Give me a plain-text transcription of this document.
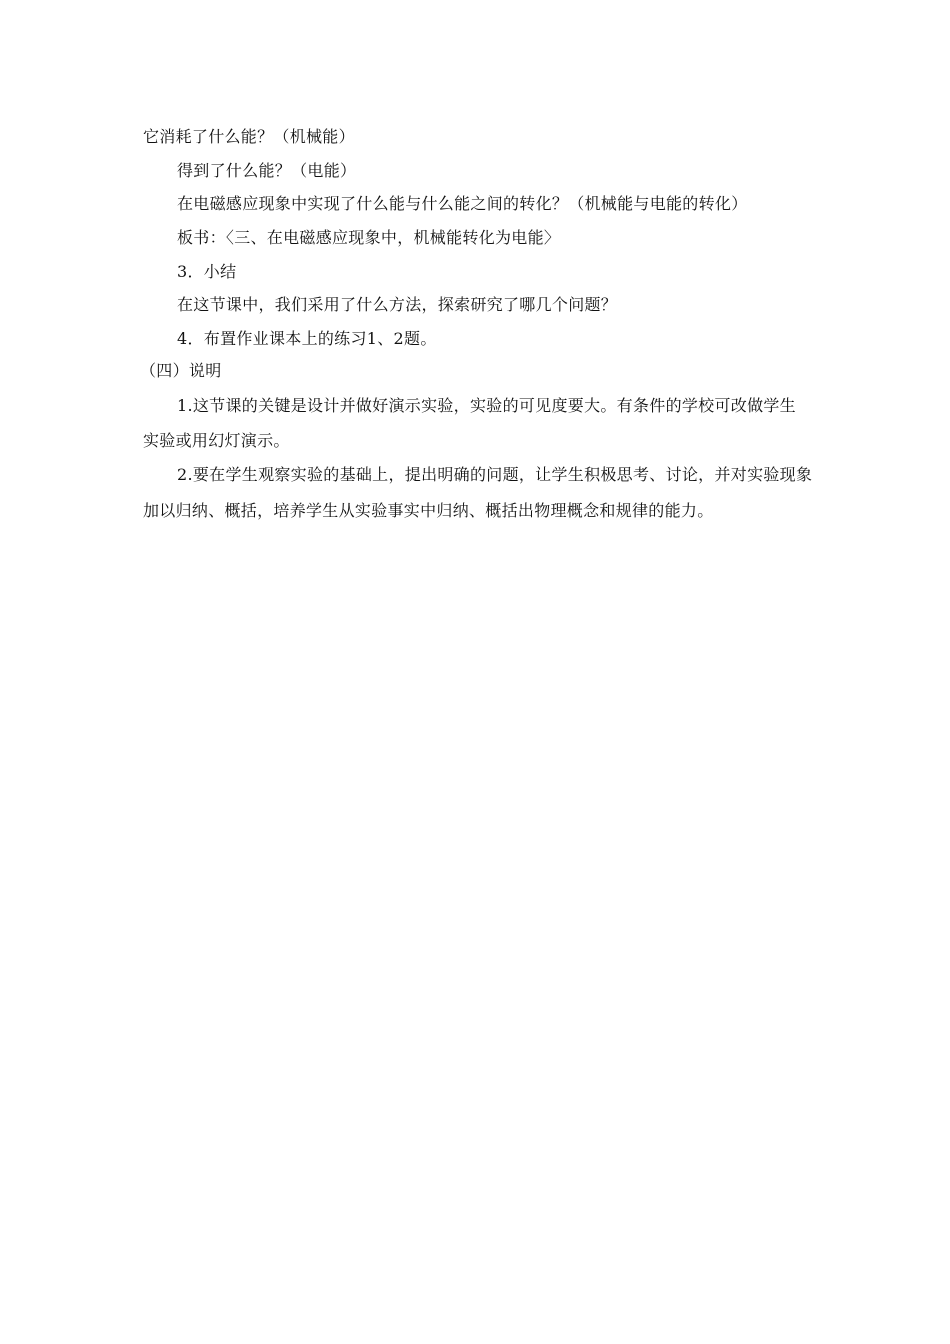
它消耗了什么能？（机械能）
得到了什么能？（电能）
在电磁感应现象中实现了什么能与什么能之间的转化？（机械能与电能的转化）
板书：〈三、在电磁感应现象中，机械能转化为电能〉
3．小结
在这节课中，我们采用了什么方法，探索研究了哪几个问题？
4．布置作业课本上的练习1、2题。
（四）说明
1.这节课的关键是设计并做好演示实验，实验的可见度要大。有条件的学校可改做学生
实验或用幻灯演示。
2.要在学生观察实验的基础上，提出明确的问题，让学生积极思考、讨论，并对实验现象
加以归纳、概括，培养学生从实验事实中归纳、概括出物理概念和规律的能力。
